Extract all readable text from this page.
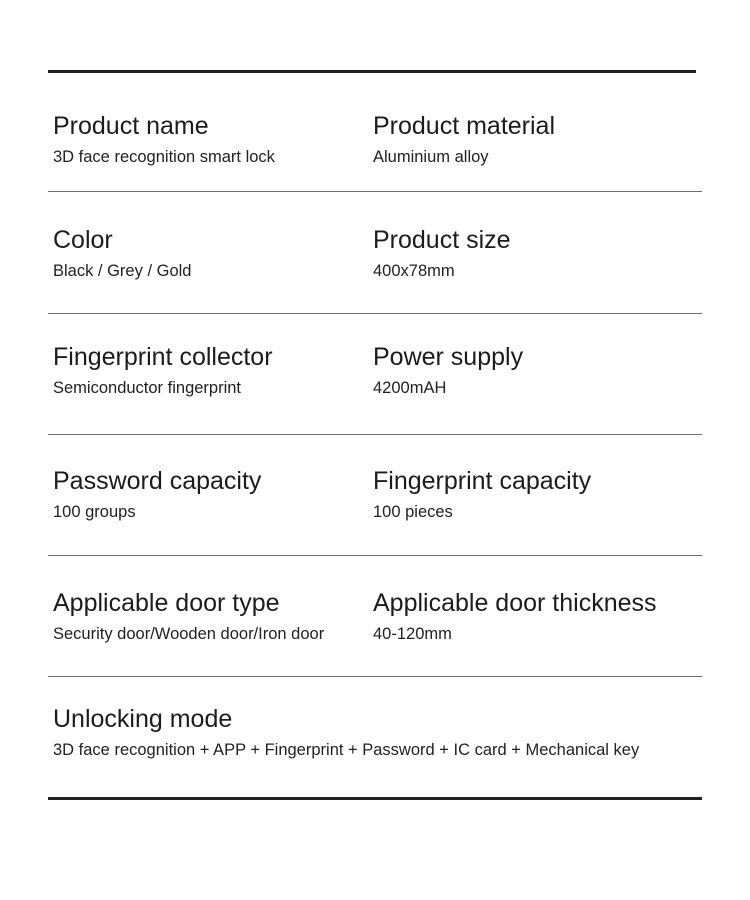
Product name
3D face recognition smart lock
Product material
Aluminium alloy
Color
Black / Grey / Gold
Product size
400x78mm
Fingerprint collector
Semiconductor fingerprint
Power supply
4200mAH
Password capacity
100 groups
Fingerprint capacity
100 pieces
Applicable door type
Security door/Wooden door/Iron door
Applicable door thickness
40-120mm
Unlocking mode
3D face recognition + APP + Fingerprint + Password + IC card + Mechanical key
